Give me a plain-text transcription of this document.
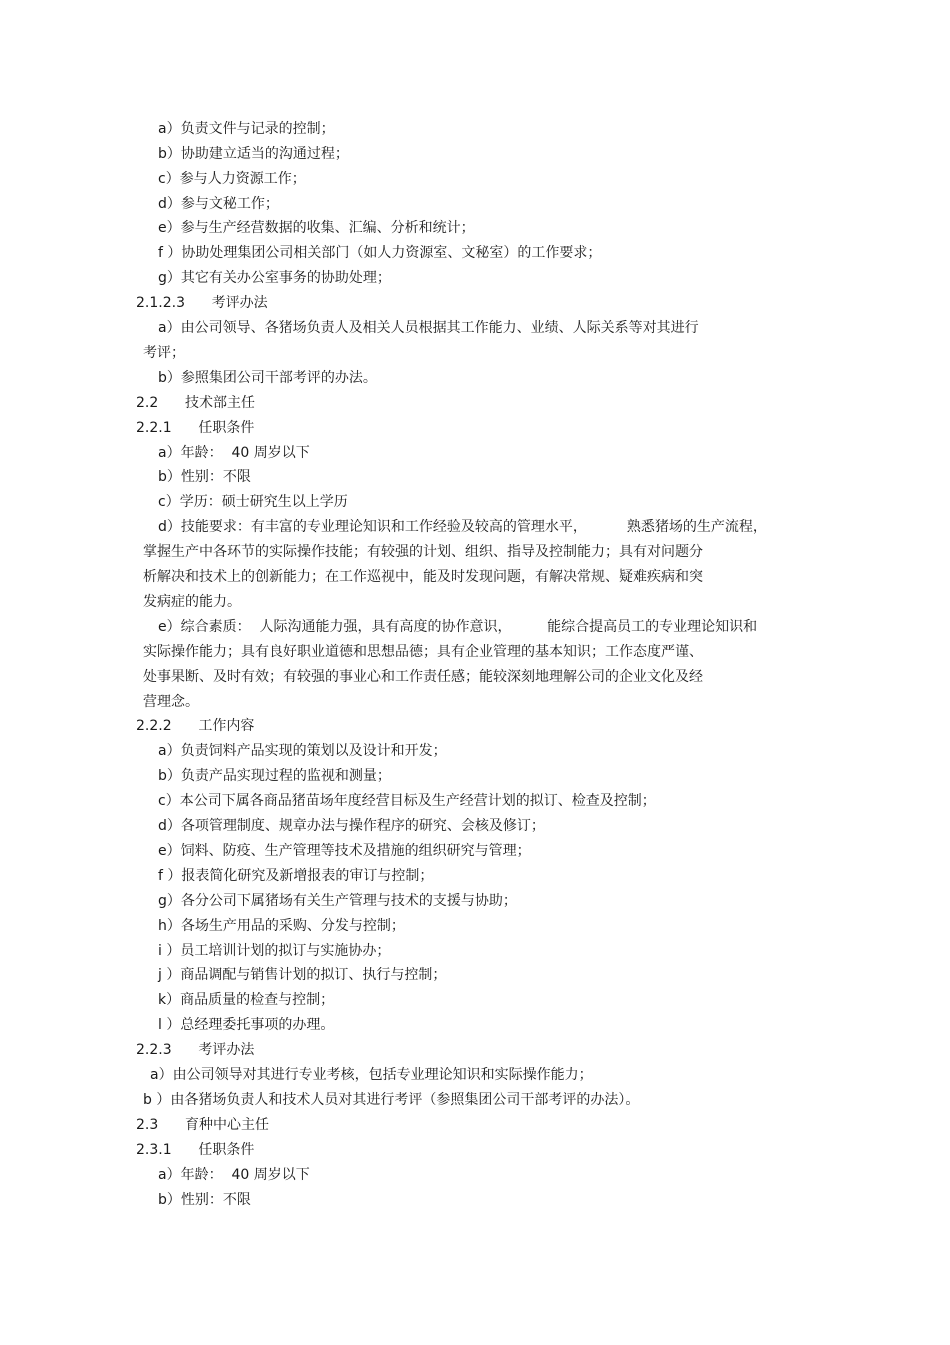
a）负责文件与记录的控制；
b）协助建立适当的沟通过程；
c）参与人力资源工作；
d）参与文秘工作；
e）参与生产经营数据的收集、汇编、分析和统计；
f ）协助处理集团公司相关部门（如人力资源室、文秘室）的工作要求；
g）其它有关办公室事务的协助处理；
2.1.2.3      考评办法
a）由公司领导、各猪场负责人及相关人员根据其工作能力、业绩、人际关系等对其进行
考评；
b）参照集团公司干部考评的办法。
2.2      技术部主任
2.2.1      任职条件
a）年龄：  40 周岁以下
b）性别：不限
c）学历：硕士研究生以上学历
d）技能要求：有丰富的专业理论知识和工作经验及较高的管理水平，         熟悉猪场的生产流程，
掌握生产中各环节的实际操作技能；有较强的计划、组织、指导及控制能力；具有对问题分
析解决和技术上的创新能力；在工作巡视中，能及时发现问题，有解决常规、疑难疾病和突
发病症的能力。
e）综合素质：  人际沟通能力强，具有高度的协作意识，        能综合提高员工的专业理论知识和
实际操作能力；具有良好职业道德和思想品德；具有企业管理的基本知识；工作态度严谨、
处事果断、及时有效；有较强的事业心和工作责任感；能较深刻地理解公司的企业文化及经
营理念。
2.2.2      工作内容
a）负责饲料产品实现的策划以及设计和开发；
b）负责产品实现过程的监视和测量；
c）本公司下属各商品猪苗场年度经营目标及生产经营计划的拟订、检查及控制；
d）各项管理制度、规章办法与操作程序的研究、会核及修订；
e）饲料、防疫、生产管理等技术及措施的组织研究与管理；
f ）报表简化研究及新增报表的审订与控制；
g）各分公司下属猪场有关生产管理与技术的支援与协助；
h）各场生产用品的采购、分发与控制；
i ）员工培训计划的拟订与实施协办；
j ）商品调配与销售计划的拟订、执行与控制；
k）商品质量的检查与控制；
l ）总经理委托事项的办理。
2.2.3      考评办法
a）由公司领导对其进行专业考核，包括专业理论知识和实际操作能力；
b ）由各猪场负责人和技术人员对其进行考评（参照集团公司干部考评的办法）。
2.3      育种中心主任
2.3.1      任职条件
a）年龄：  40 周岁以下
b）性别：不限
